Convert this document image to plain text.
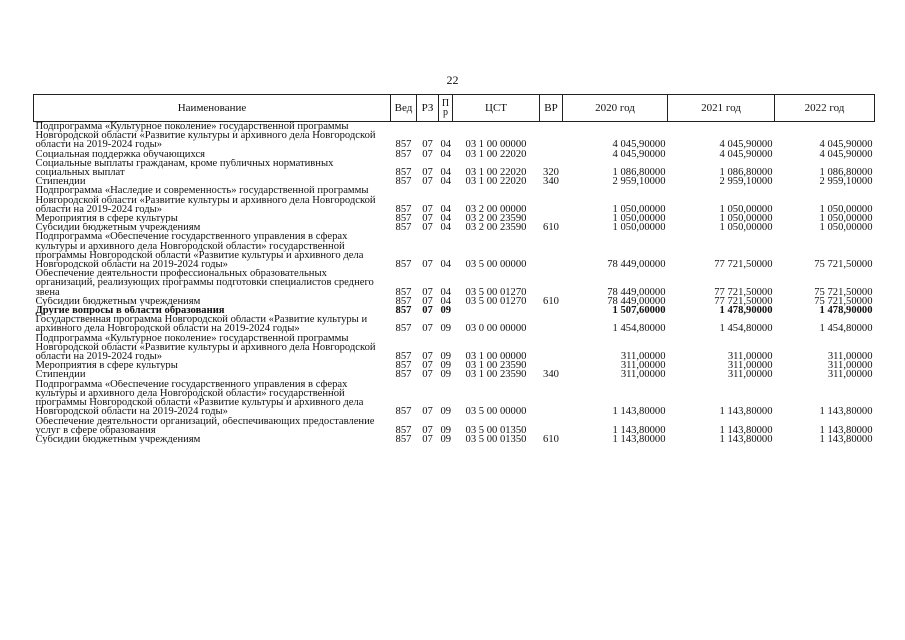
22
Наименование	Вед	РЗ	П р	ЦСТ	ВР	2020 год	2021 год	2022 год
Подпрограмма «Культурное поколение» государственной программы Новгородской области «Развитие культуры и архивного дела Новгородской области на 2019-2024 годы»	857	07	04	03 1 00 00000		4 045,90000	4 045,90000	4 045,90000
Социальная поддержка обучающихся	857	07	04	03 1 00 22020		4 045,90000	4 045,90000	4 045,90000
Социальные выплаты гражданам, кроме публичных нормативных социальных выплат	857	07	04	03 1 00 22020	320	1 086,80000	1 086,80000	1 086,80000
Стипендии	857	07	04	03 1 00 22020	340	2 959,10000	2 959,10000	2 959,10000
Подпрограмма «Наследие и современность» государственной программы Новгородской области «Развитие культуры и архивного дела Новгородской области на 2019-2024 годы»	857	07	04	03 2 00 00000		1 050,00000	1 050,00000	1 050,00000
Мероприятия в сфере культуры	857	07	04	03 2 00 23590		1 050,00000	1 050,00000	1 050,00000
Субсидии бюджетным учреждениям	857	07	04	03 2 00 23590	610	1 050,00000	1 050,00000	1 050,00000
Подпрограмма «Обеспечение государственного управления в сферах культуры и архивного дела Новгородской области» государственной программы Новгородской области «Развитие культуры и архивного дела Новгородской области на 2019-2024 годы»	857	07	04	03 5 00 00000		78 449,00000	77 721,50000	75 721,50000
Обеспечение деятельности профессиональных образовательных организаций, реализующих программы подготовки специалистов среднего звена	857	07	04	03 5 00 01270		78 449,00000	77 721,50000	75 721,50000
Субсидии бюджетным учреждениям	857	07	04	03 5 00 01270	610	78 449,00000	77 721,50000	75 721,50000
Другие вопросы в области образования	857	07	09			1 507,60000	1 478,90000	1 478,90000
Государственная программа Новгородской области «Развитие культуры и архивного дела Новгородской области на 2019-2024 годы»	857	07	09	03 0 00 00000		1 454,80000	1 454,80000	1 454,80000
Подпрограмма «Культурное поколение» государственной программы Новгородской области «Развитие культуры и архивного дела Новгородской области на 2019-2024 годы»	857	07	09	03 1 00 00000		311,00000	311,00000	311,00000
Мероприятия в сфере культуры	857	07	09	03 1 00 23590		311,00000	311,00000	311,00000
Стипендии	857	07	09	03 1 00 23590	340	311,00000	311,00000	311,00000
Подпрограмма «Обеспечение государственного управления в сферах культуры и архивного дела Новгородской области» государственной программы Новгородской области «Развитие культуры и архивного дела Новгородской области на 2019-2024 годы»	857	07	09	03 5 00 00000		1 143,80000	1 143,80000	1 143,80000
Обеспечение деятельности организаций, обеспечивающих предоставление услуг в сфере образования	857	07	09	03 5 00 01350		1 143,80000	1 143,80000	1 143,80000
Субсидии бюджетным учреждениям	857	07	09	03 5 00 01350	610	1 143,80000	1 143,80000	1 143,80000
